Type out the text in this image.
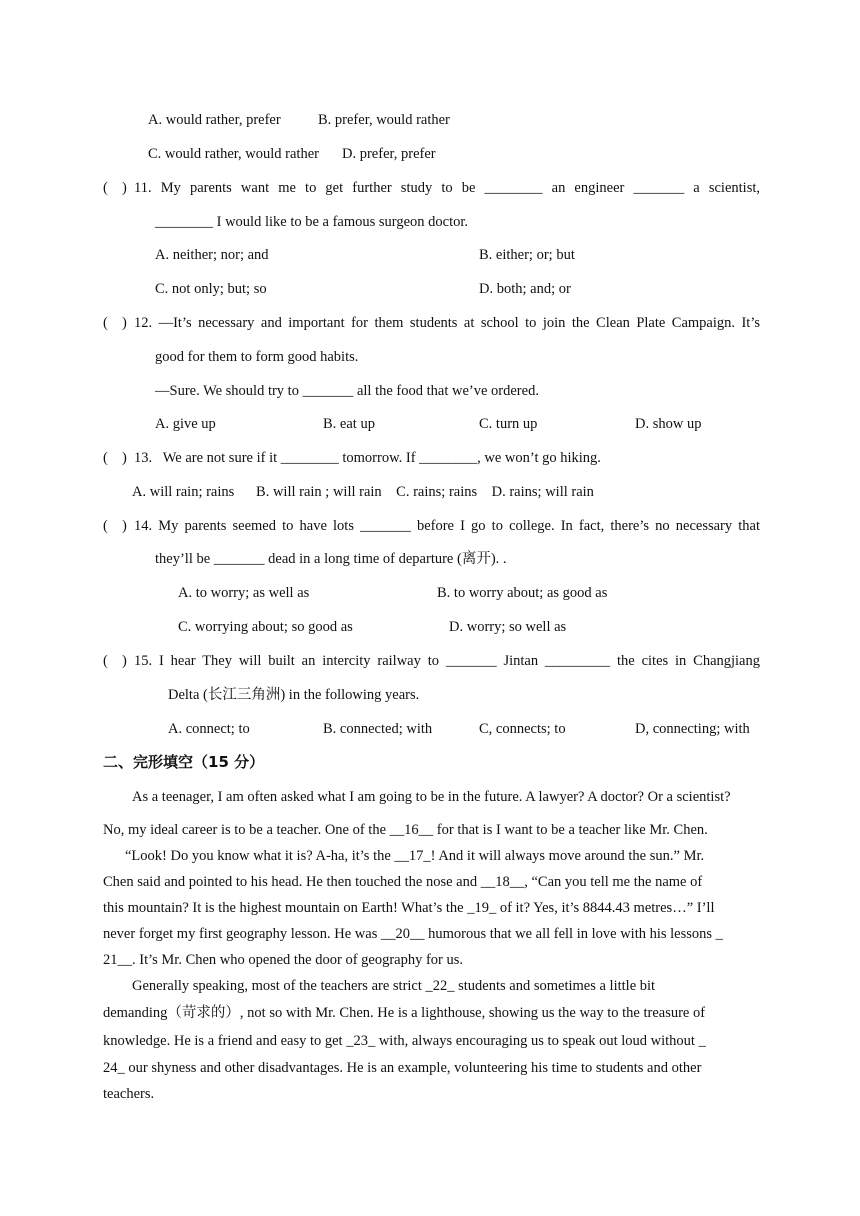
A. would rather, prefer	B. prefer, would rather
C. would rather, would rather D. prefer, prefer
( ) 11. My parents want me to get further study to be ________ an engineer _______ a scientist,
________ I would like to be a famous surgeon doctor.
A. neither; nor; and	B. either; or; but
C. not only; but; so	D. both; and; or
( ) 12. —It’s necessary and important for them students at school to join the Clean Plate Campaign. It’s
good for them to form good habits.
—Sure. We should try to _______ all the food that we’ve ordered.
A. give up	B. eat up	C. turn up	D. show up
( ) 13.   We are not sure if it ________ tomorrow. If ________, we won’t go hiking.
A. will rain; rains      B. will rain ; will rain    C. rains; rains    D. rains; will rain
( ) 14. My parents seemed to have lots _______ before I go to college. In fact, there’s no necessary that
they’ll be _______ dead in a long time of departure (离开). .
A. to worry; as well as	B. to worry about; as good as
C. worrying about; so good as	D. worry; so well as
( ) 15. I hear They will built an intercity railway to _______ Jintan _________ the cites in Changjiang
Delta (长江三角洲) in the following years.
A. connect; to	B. connected; with	C, connects; to	D, connecting; with
二、完形填空（15 分）
As a teenager, I am often asked what I am going to be in the future. A lawyer? A doctor? Or a scientist?
No, my ideal career is to be a teacher. One of the __16__ for that is I want to be a teacher like Mr. Chen.
“Look! Do you know what it is? A-ha, it’s the __17_! And it will always move around the sun.” Mr.
Chen said and pointed to his head. He then touched the nose and __18__, “Can you tell me the name of
this mountain? It is the highest mountain on Earth! What’s the _19_ of it? Yes, it’s 8844.43 metres…” I’ll
never forget my first geography lesson. He was __20__ humorous that we all fell in love with his lessons _
21__. It’s Mr. Chen who opened the door of geography for us.
Generally speaking, most of the teachers are strict _22_ students and sometimes a little bit
demanding（苛求的）, not so with Mr. Chen. He is a lighthouse, showing us the way to the treasure of
knowledge. He is a friend and easy to get _23_ with, always encouraging us to speak out loud without _
24_ our shyness and other disadvantages. He is an example, volunteering his time to students and other
teachers.
